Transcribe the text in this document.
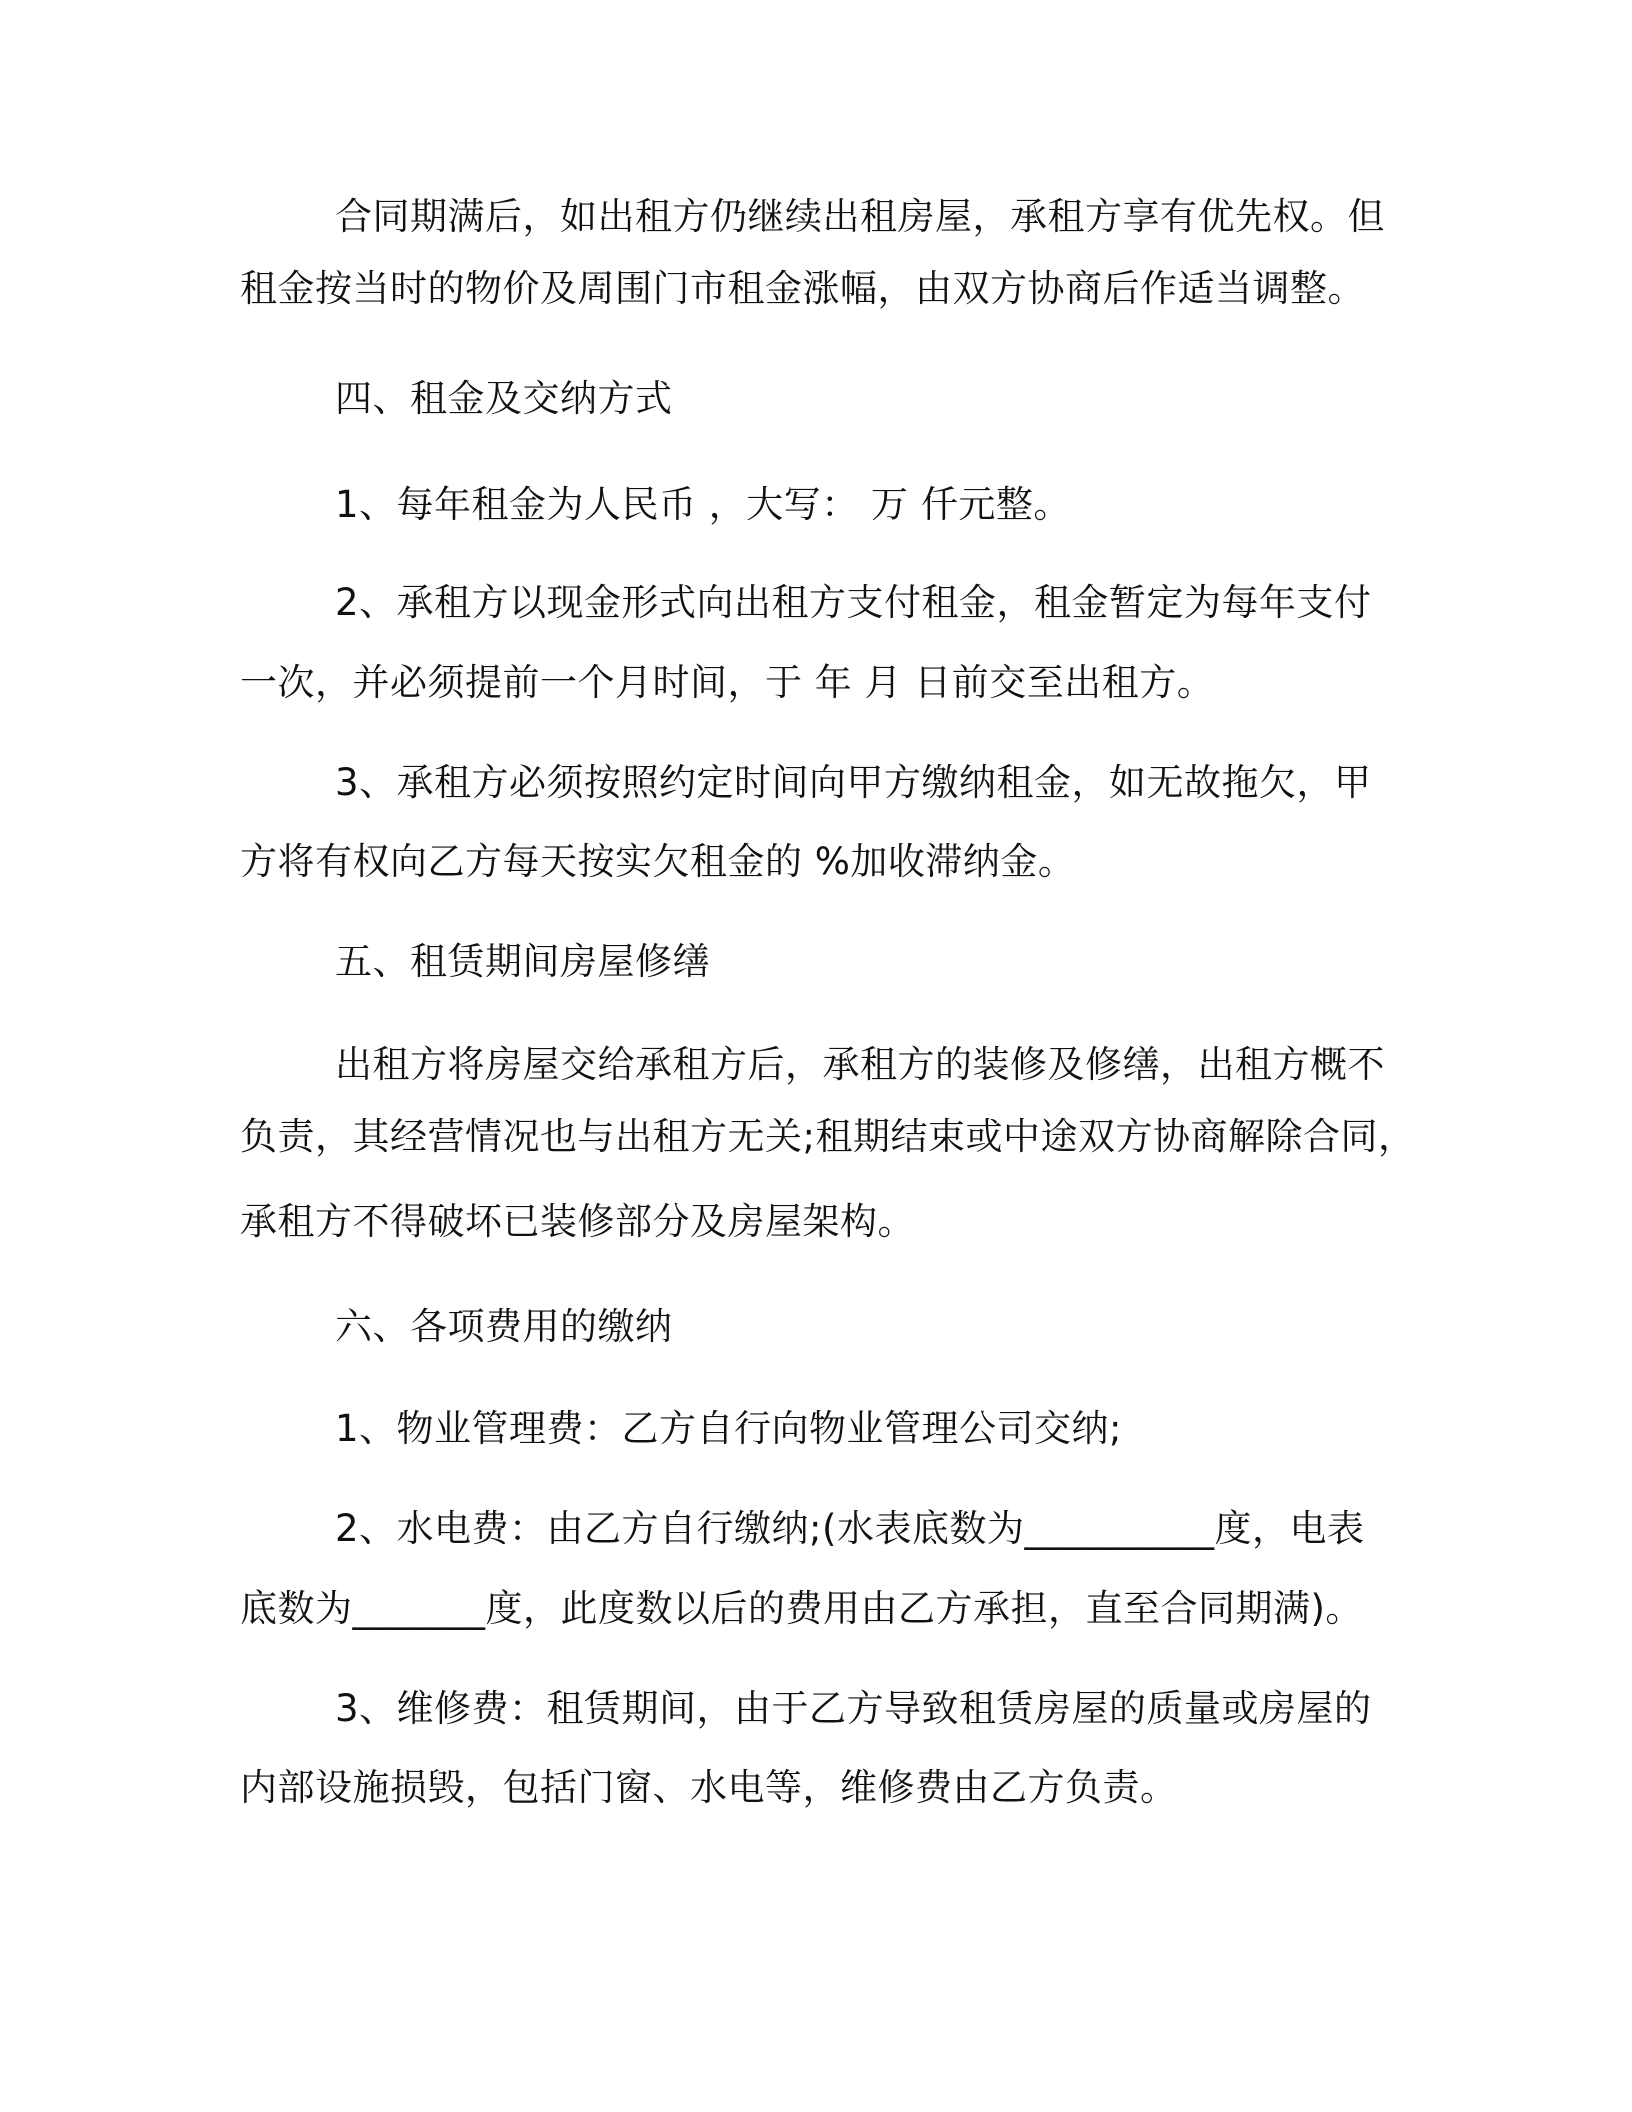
合同期满后，如出租方仍继续出租房屋，承租方享有优先权。但
租金按当时的物价及周围门市租金涨幅，由双方协商后作适当调整。
四、租金及交纳方式
1、每年租金为人民币 ，大写： 万 仟元整。
2、承租方以现金形式向出租方支付租金，租金暂定为每年支付
一次，并必须提前一个月时间，于 年 月 日前交至出租方。
3、承租方必须按照约定时间向甲方缴纳租金，如无故拖欠，甲
方将有权向乙方每天按实欠租金的 %加收滞纳金。
五、租赁期间房屋修缮
出租方将房屋交给承租方后，承租方的装修及修缮，出租方概不
负责，其经营情况也与出租方无关;租期结束或中途双方协商解除合同，
承租方不得破坏已装修部分及房屋架构。
六、各项费用的缴纳
1、物业管理费：乙方自行向物业管理公司交纳;
2、水电费：由乙方自行缴纳;(水表底数为__________度，电表
底数为_______度，此度数以后的费用由乙方承担，直至合同期满)。
3、维修费：租赁期间，由于乙方导致租赁房屋的质量或房屋的
内部设施损毁，包括门窗、水电等，维修费由乙方负责。
